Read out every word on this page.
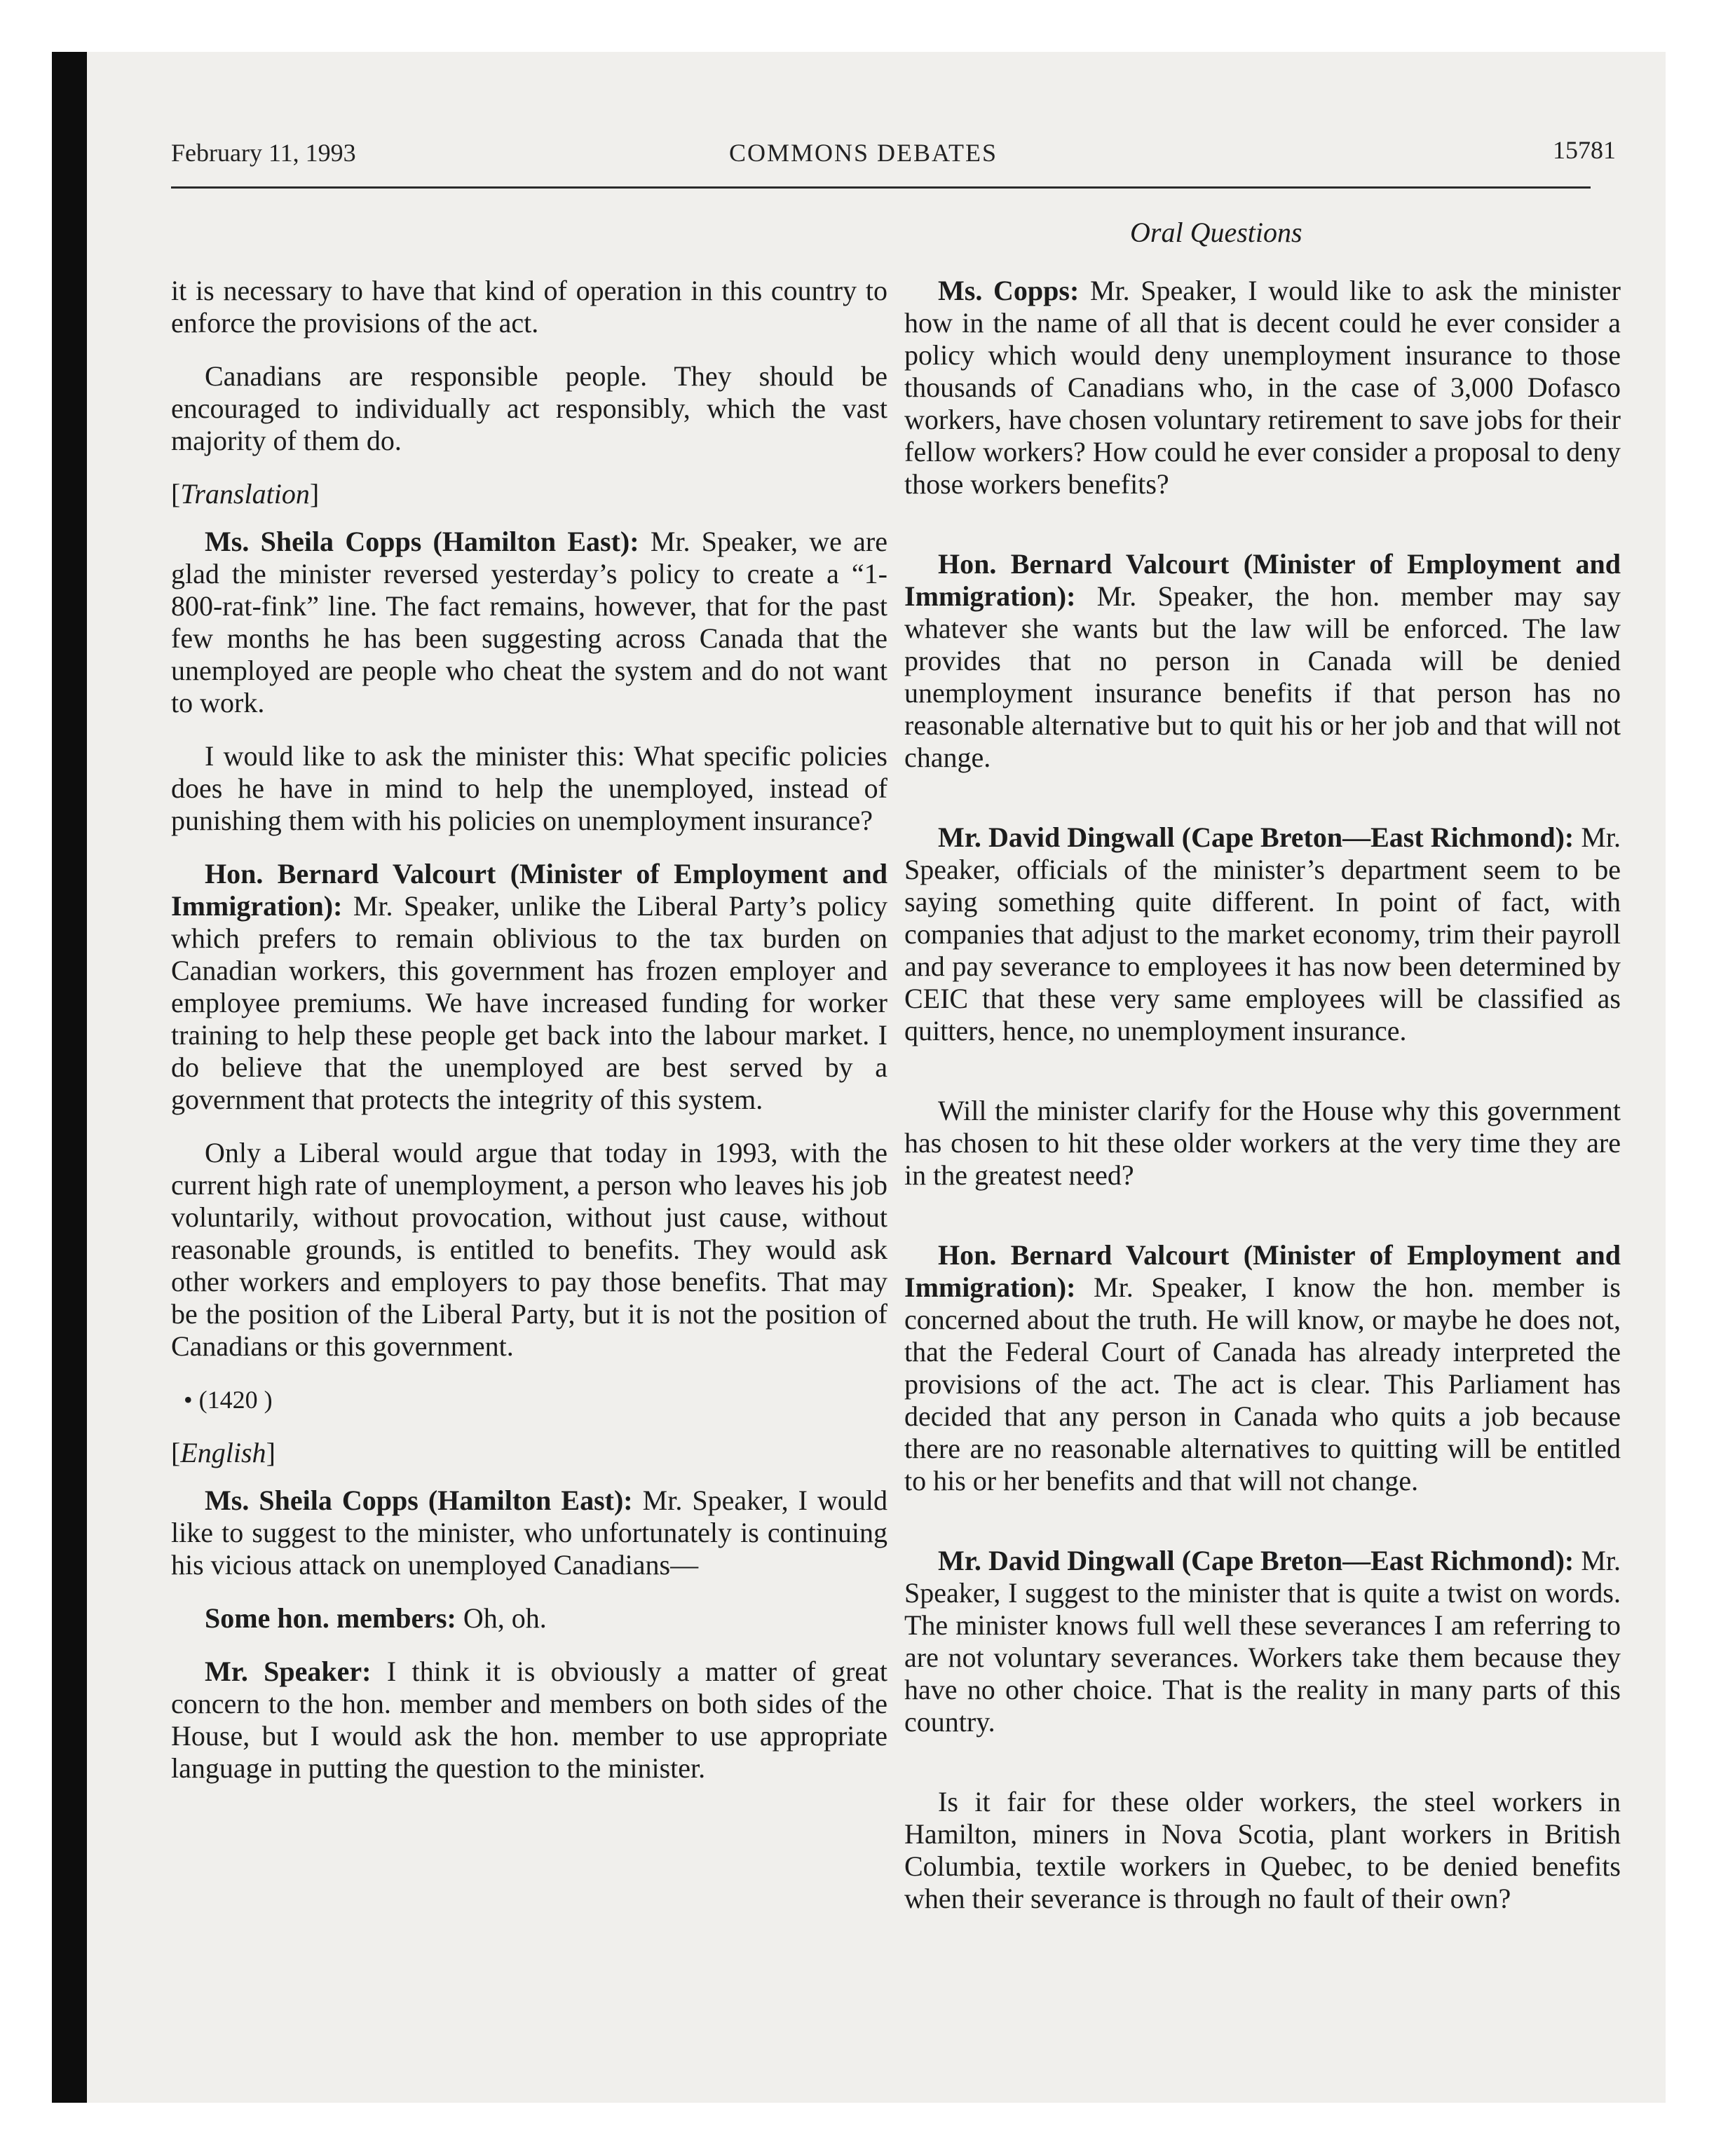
February 11, 1993	COMMONS DEBATES	15781
Oral Questions

it is necessary to have that kind of operation in this country to enforce the provisions of the act.

Canadians are responsible people. They should be encouraged to individually act responsibly, which the vast majority of them do.

[Translation]

Ms. Sheila Copps (Hamilton East): Mr. Speaker, we are glad the minister reversed yesterday’s policy to create a “1-800-rat-fink” line. The fact remains, however, that for the past few months he has been suggesting across Canada that the unemployed are people who cheat the system and do not want to work.

I would like to ask the minister this: What specific policies does he have in mind to help the unemployed, instead of punishing them with his policies on unemployment insurance?

Hon. Bernard Valcourt (Minister of Employment and Immigration): Mr. Speaker, unlike the Liberal Party’s policy which prefers to remain oblivious to the tax burden on Canadian workers, this government has frozen employer and employee premiums. We have increased funding for worker training to help these people get back into the labour market. I do believe that the unemployed are best served by a government that protects the integrity of this system.

Only a Liberal would argue that today in 1993, with the current high rate of unemployment, a person who leaves his job voluntarily, without provocation, without just cause, without reasonable grounds, is entitled to benefits. They would ask other workers and employers to pay those benefits. That may be the position of the Liberal Party, but it is not the position of Canadians or this government.

• (1420 )

[English]

Ms. Sheila Copps (Hamilton East): Mr. Speaker, I would like to suggest to the minister, who unfortunately is continuing his vicious attack on unemployed Canadians—

Some hon. members: Oh, oh.

Mr. Speaker: I think it is obviously a matter of great concern to the hon. member and members on both sides of the House, but I would ask the hon. member to use appropriate language in putting the question to the minister.

Ms. Copps: Mr. Speaker, I would like to ask the minister how in the name of all that is decent could he ever consider a policy which would deny unemployment insurance to those thousands of Canadians who, in the case of 3,000 Dofasco workers, have chosen voluntary retirement to save jobs for their fellow workers? How could he ever consider a proposal to deny those workers benefits?

Hon. Bernard Valcourt (Minister of Employment and Immigration): Mr. Speaker, the hon. member may say whatever she wants but the law will be enforced. The law provides that no person in Canada will be denied unemployment insurance benefits if that person has no reasonable alternative but to quit his or her job and that will not change.

Mr. David Dingwall (Cape Breton—East Richmond): Mr. Speaker, officials of the minister’s department seem to be saying something quite different. In point of fact, with companies that adjust to the market economy, trim their payroll and pay severance to employees it has now been determined by CEIC that these very same employees will be classified as quitters, hence, no unemployment insurance.

Will the minister clarify for the House why this government has chosen to hit these older workers at the very time they are in the greatest need?

Hon. Bernard Valcourt (Minister of Employment and Immigration): Mr. Speaker, I know the hon. member is concerned about the truth. He will know, or maybe he does not, that the Federal Court of Canada has already interpreted the provisions of the act. The act is clear. This Parliament has decided that any person in Canada who quits a job because there are no reasonable alternatives to quitting will be entitled to his or her benefits and that will not change.

Mr. David Dingwall (Cape Breton—East Richmond): Mr. Speaker, I suggest to the minister that is quite a twist on words. The minister knows full well these severances I am referring to are not voluntary severances. Workers take them because they have no other choice. That is the reality in many parts of this country.

Is it fair for these older workers, the steel workers in Hamilton, miners in Nova Scotia, plant workers in British Columbia, textile workers in Quebec, to be denied benefits when their severance is through no fault of their own?
